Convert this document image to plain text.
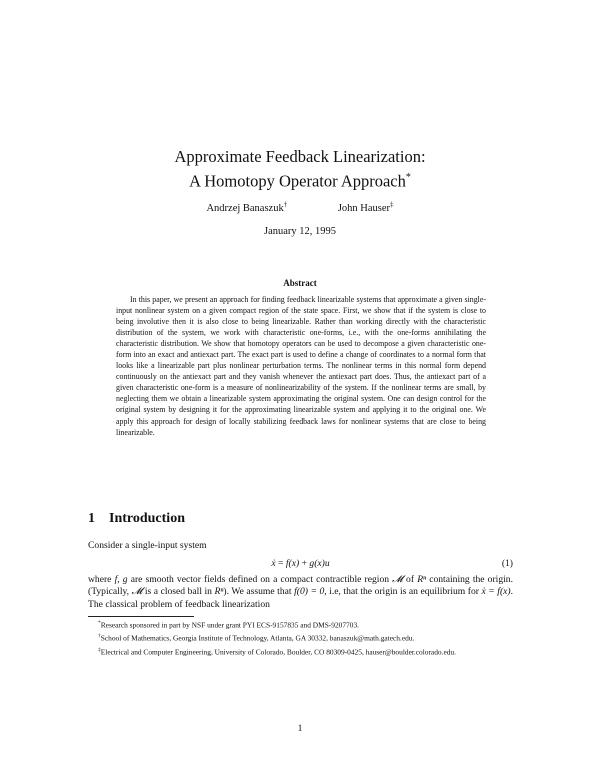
Approximate Feedback Linearization:
A Homotopy Operator Approach*
Andrzej Banaszuk†	John Hauser‡
January 12, 1995
Abstract

In this paper, we present an approach for finding feedback linearizable systems that approximate a given single-input nonlinear system on a given compact region of the state space. First, we show that if the system is close to being involutive then it is also close to being linearizable. Rather than working directly with the characteristic distribution of the system, we work with characteristic one-forms, i.e., with the one-forms annihilating the characteristic distribution. We show that homotopy operators can be used to decompose a given characteristic one-form into an exact and antiexact part. The exact part is used to define a change of coordinates to a normal form that looks like a linearizable part plus nonlinear perturbation terms. The nonlinear terms in this normal form depend continuously on the antiexact part and they vanish whenever the antiexact part does. Thus, the antiexact part of a given characteristic one-form is a measure of nonlinearizability of the system. If the nonlinear terms are small, by neglecting them we obtain a linearizable system approximating the original system. One can design control for the original system by designing it for the approximating linearizable system and applying it to the original one. We apply this approach for design of locally stabilizing feedback laws for nonlinear systems that are close to being linearizable.

1 Introduction

Consider a single-input system

ẋ = f(x) + g(x)u	(1)

where f, g are smooth vector fields defined on a compact contractible region 𝓜 of Rⁿ containing the origin. (Typically, 𝓜 is a closed ball in Rⁿ). We assume that f(0) = 0, i.e, that the origin is an equilibrium for ẋ = f(x). The classical problem of feedback linearization

*Research sponsored in part by NSF under grant PYI ECS-9157835 and DMS-9207703.

†School of Mathematics, Georgia Institute of Technology, Atlanta, GA 30332, banaszuk@math.gatech.edu.

‡Electrical and Computer Engineering, University of Colorado, Boulder, CO 80309-0425, hauser@boulder.colorado.edu.

1
